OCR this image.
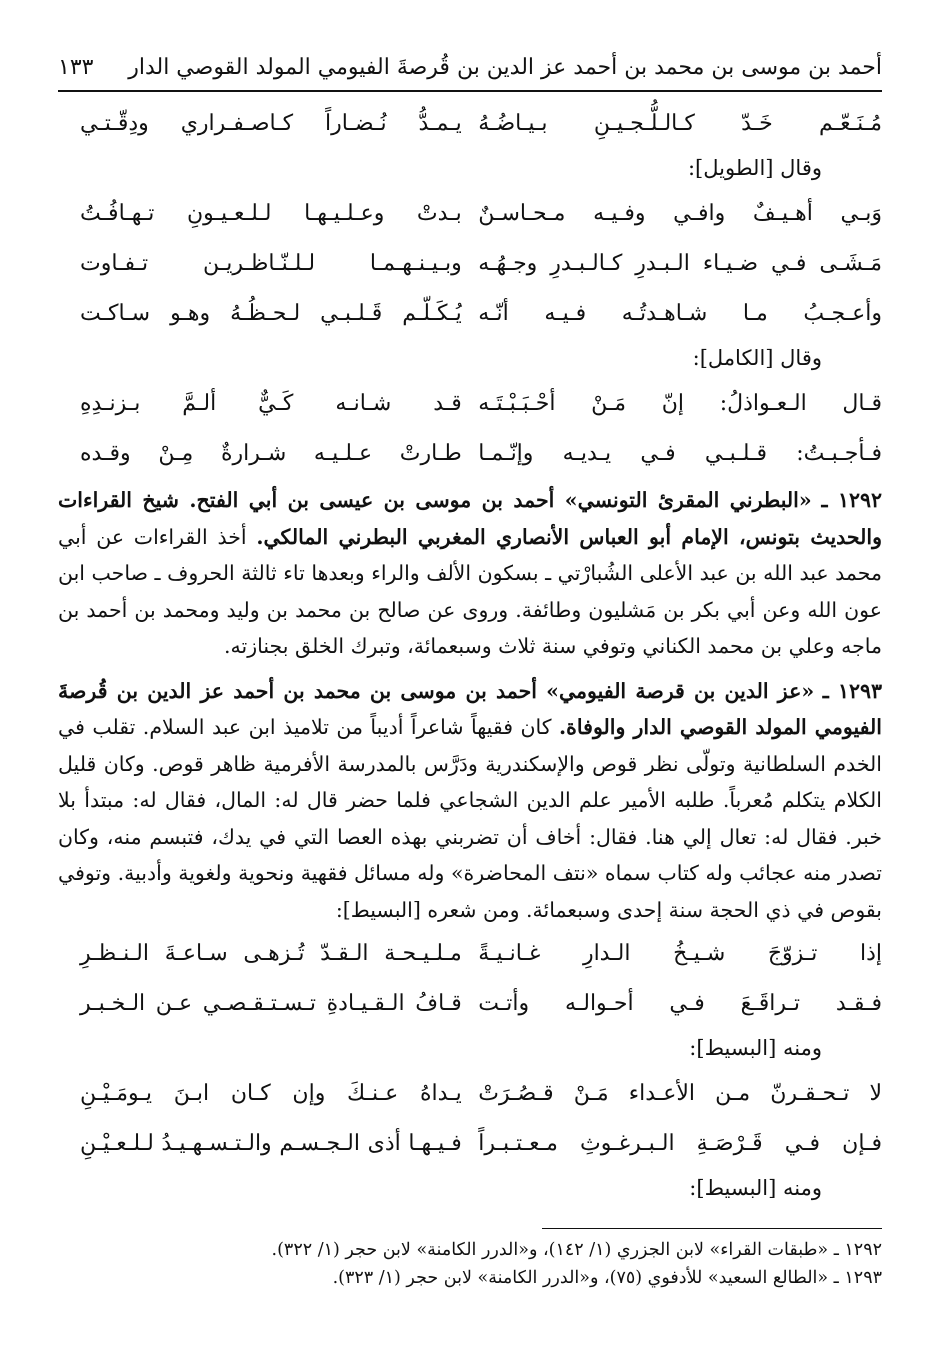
أحمد بن موسى بن محمد بن أحمد عز الدين بن قُرصةَ الفيومي المولد القوصي الدار
١٣٣
مُـنَـعّـم خَـدّ كـالـلُّـجـيـنِ بـيـاضُـهُ
يـمـدُّ نُـضـاراً كـاصـفـراري ودِقّـتـي
وقال [الطويل]:
وَبـي أهـيـفٌ وافـي وفـيـه مـحـاسـنٌ
بـدتْ وعـلـيـهـا لـلـعـيـونِ تـهـافُـتُ
مَـشَـى فـي ضـيـاء الـبـدرِ كـالـبـدرِ وجـهُـه
وبـيـنـهـمـا لـلـنّـاظـريـن تـفـاوت
وأعـجـبُ مـا شـاهـدتُـه فـيـه أنّـه
يُـكَـلّـم قَـلـبـي لـحـظُـهُ وهـو سـاكـت
وقال [الكامل]:
قـال الـعـواذلُ: إنّ مَـنْ أحْـبَـبْـتَـه
قـد شـانـه كَـيٌّ ألـمَّ بـزنـدِهِ
فـأجـبـتُ: قـلـبـي فـي يـديـه وإنّـمـا
طـارتْ عـلـيـه شـرارةٌ مِـنْ وقـده

١٢٩٢ ـ «البطرني المقرئ التونسي» أحمد بن موسى بن عيسى بن أبي الفتح. شيخ القراءات والحديث بتونس، الإمام أبو العباس الأنصاري المغربي البطرني المالكي. أخذ القراءات عن أبي محمد عبد الله بن عبد الأعلى الشُبارْتي ـ بسكون الألف والراء وبعدها تاء ثالثة الحروف ـ صاحب ابن عون الله وعن أبي بكر بن مَشليون وطائفة. وروى عن صالح بن محمد بن وليد ومحمد بن أحمد بن ماجه وعلي بن محمد الكناني وتوفي سنة ثلاث وسبعمائة، وتبرك الخلق بجنازته.

١٢٩٣ ـ «عز الدين بن قرصة الفيومي» أحمد بن موسى بن محمد بن أحمد عز الدين بن قُرصةَ الفيومي المولد القوصي الدار والوفاة. كان فقيهاً شاعراً أديباً من تلاميذ ابن عبد السلام. تقلب في الخدم السلطانية وتولّى نظر قوص والإسكندرية ودَرَّس بالمدرسة الأفرمية ظاهر قوص. وكان قليل الكلام يتكلم مُعرباً. طلبه الأمير علم الدين الشجاعي فلما حضر قال له: المال، فقال له: مبتدأ بلا خبر. فقال له: تعال إلي هنا. فقال: أخاف أن تضربني بهذه العصا التي في يدك، فتبسم منه، وكان تصدر منه عجائب وله كتاب سماه «نتف المحاضرة» وله مسائل فقهية ونحوية ولغوية وأدبية. وتوفي بقوص في ذي الحجة سنة إحدى وسبعمائة. ومن شعره [البسيط]:

إذا تـزوّجَ شـيـخُ الـدارِ غـانـيـةً
مـلـيـحـة الـقـدّ تُـزهـى سـاعـةَ الـنـظـرِ
فـقـد تـراقَـعَ فـي أحـوالـه وأتـت
قـافُ الـقـيـادةِ تـسـتـقـصـي عـن الـخـبـر
ومنه [البسيط]:
لا تـحـقـرنّ مـن الأعـداء مَـنْ قـصُـرَتْ
يـداهُ عـنـكَ وإن كـان ابـنَ يـومَـيْـنِ
فـإن فـي قَـرْصَـةِ الـبـرغـوثِ مـعـتـبـراً
فـيـهـا أذى الـجـسـم والـتـسـهـيـدُ لـلـعـيْـنِ
ومنه [البسيط]:
١٢٩٢ ـ «طبقات القراء» لابن الجزري (١/ ١٤٢)، و«الدرر الكامنة» لابن حجر (١/ ٣٢٢).
١٢٩٣ ـ «الطالع السعيد» للأدفوي (٧٥)، و«الدرر الكامنة» لابن حجر (١/ ٣٢٣).
